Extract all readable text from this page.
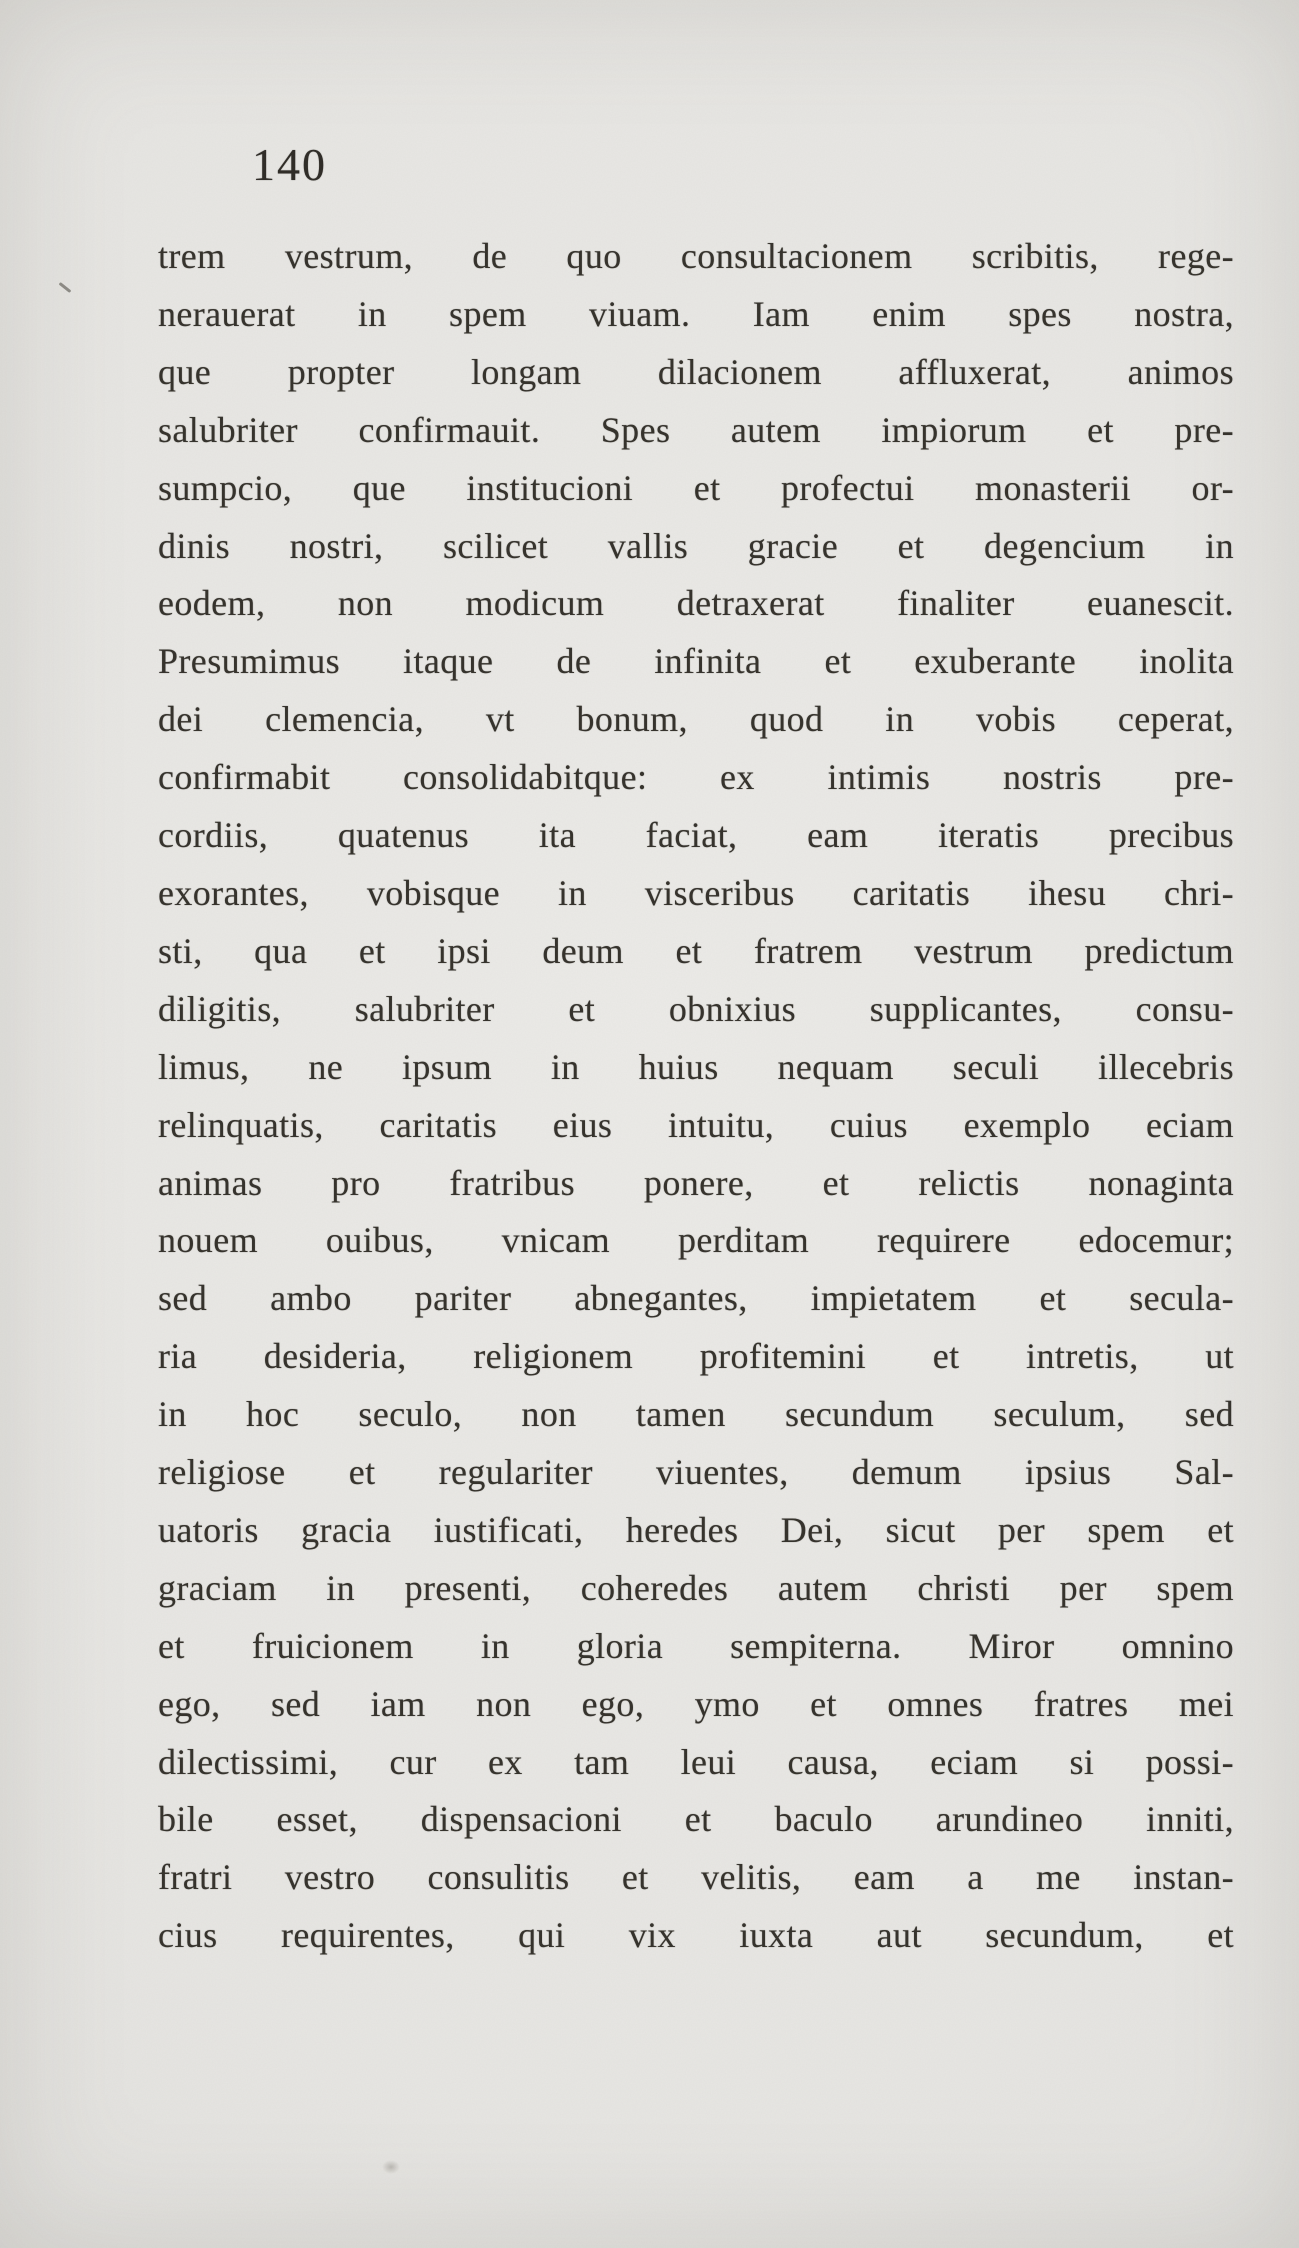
140
trem vestrum, de quo consultacionem scribitis, rege-
nerauerat in spem viuam. Iam enim spes nostra,
que propter longam dilacionem affluxerat, animos
salubriter confirmauit. Spes autem impiorum et pre-
sumpcio, que institucioni et profectui monasterii or-
dinis nostri, scilicet vallis gracie et degencium in
eodem, non modicum detraxerat finaliter euanescit.
Presumimus itaque de infinita et exuberante inolita
dei clemencia, vt bonum, quod in vobis ceperat,
confirmabit consolidabitque: ex intimis nostris pre-
cordiis, quatenus ita faciat, eam iteratis precibus
exorantes, vobisque in visceribus caritatis ihesu chri-
sti, qua et ipsi deum et fratrem vestrum predictum
diligitis, salubriter et obnixius supplicantes, consu-
limus, ne ipsum in huius nequam seculi illecebris
relinquatis, caritatis eius intuitu, cuius exemplo eciam
animas pro fratribus ponere, et relictis nonaginta
nouem ouibus, vnicam perditam requirere edocemur;
sed ambo pariter abnegantes, impietatem et secula-
ria desideria, religionem profitemini et intretis, ut
in hoc seculo, non tamen secundum seculum, sed
religiose et regulariter viuentes, demum ipsius Sal-
uatoris gracia iustificati, heredes Dei, sicut per spem et
graciam in presenti, coheredes autem christi per spem
et fruicionem in gloria sempiterna. Miror omnino
ego, sed iam non ego, ymo et omnes fratres mei
dilectissimi, cur ex tam leui causa, eciam si possi-
bile esset, dispensacioni et baculo arundineo inniti,
fratri vestro consulitis et velitis, eam a me instan-
cius requirentes, qui vix iuxta aut secundum, et
